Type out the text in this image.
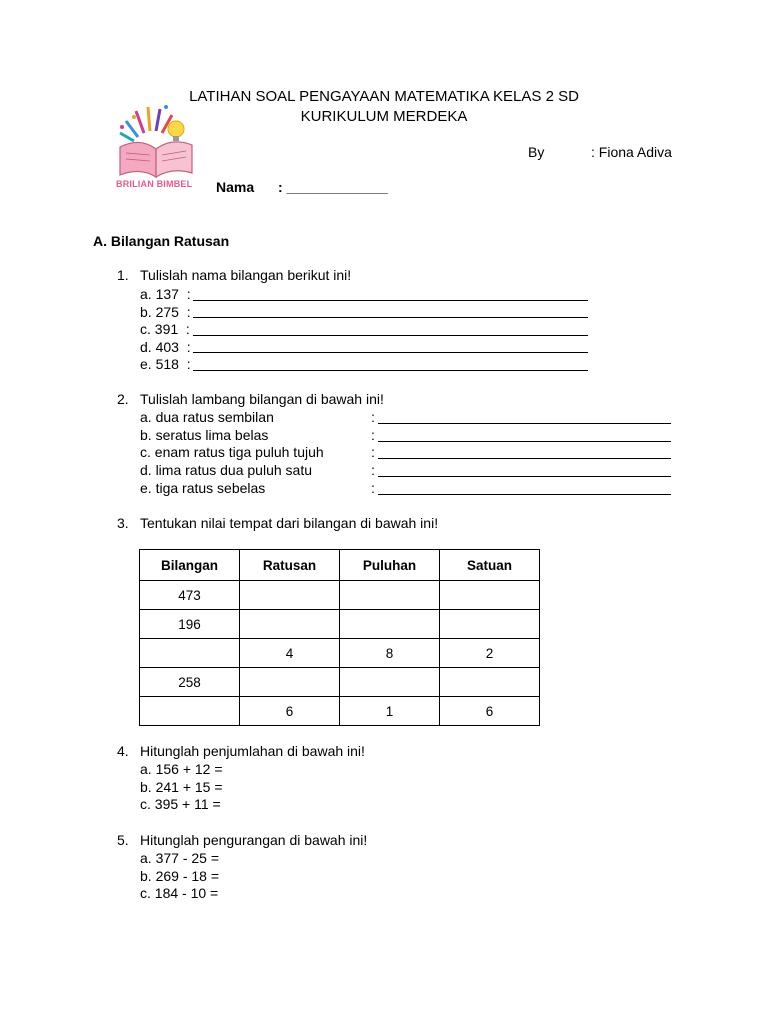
LATIHAN SOAL PENGAYAAN MATEMATIKA KELAS 2 SD
KURIKULUM MERDEKA
BRILIAN BIMBEL
By	: Fiona Adiva
Nama : _____________
A. Bilangan Ratusan
1. Tulislah nama bilangan berikut ini!
a. 137  :
b. 275  :
c. 391  :
d. 403  :
e. 518  :
2. Tulislah lambang bilangan di bawah ini!
a. dua ratus sembilan
b. seratus lima belas
c. enam ratus tiga puluh tujuh
d. lima ratus dua puluh satu
e. tiga ratus sebelas
:
:
:
:
:
3. Tentukan nilai tempat dari bilangan di bawah ini!
Bilangan	Ratusan	Puluhan	Satuan
473			
196			
	4	8	2
258			
	6	1	6
4. Hitunglah penjumlahan di bawah ini!
a. 156 + 12 =
b. 241 + 15 =
c. 395 + 11 =
5. Hitunglah pengurangan di bawah ini!
a. 377 - 25 =
b. 269 - 18 =
c. 184 - 10 =
